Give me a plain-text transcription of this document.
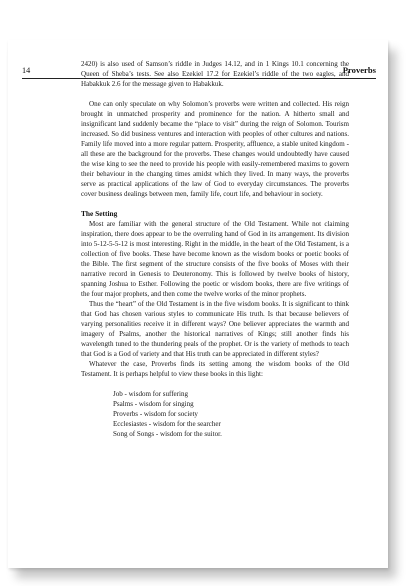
14	Proverbs

2420) is also used of Samson’s riddle in Judges 14.12, and in 1 Kings 10.1 concerning the Queen of Sheba’s tests. See also Ezekiel 17.2 for Ezekiel’s riddle of the two eagles, and Habakkuk 2.6 for the message given to Habakkuk.

One can only speculate on why Solomon’s proverbs were written and collected. His reign brought in unmatched prosperity and prominence for the nation. A hitherto small and insignificant land suddenly became the “place to visit” during the reign of Solomon. Tourism increased. So did business ventures and interaction with peoples of other cultures and nations. Family life moved into a more regular pattern. Prosperity, affluence, a stable united kingdom - all these are the background for the proverbs. These changes would undoubtedly have caused the wise king to see the need to provide his people with easily-remembered maxims to govern their behaviour in the changing times amidst which they lived. In many ways, the proverbs serve as practical applications of the law of God to everyday circumstances. The proverbs cover business dealings between men, family life, court life, and behaviour in society.

The Setting

Most are familiar with the general structure of the Old Testament. While not claiming inspiration, there does appear to be the overruling hand of God in its arrangement. Its division into 5-12-5-5-12 is most interesting. Right in the middle, in the heart of the Old Testament, is a collection of five books. These have become known as the wisdom books or poetic books of the Bible. The first segment of the structure consists of the five books of Moses with their narrative record in Genesis to Deuteronomy. This is followed by twelve books of history, spanning Joshua to Esther. Following the poetic or wisdom books, there are five writings of the four major prophets, and then come the twelve works of the minor prophets.

Thus the “heart” of the Old Testament is in the five wisdom books. It is significant to think that God has chosen various styles to communicate His truth. Is that because believers of varying personalities receive it in different ways? One believer appreciates the warmth and imagery of Psalms, another the historical narratives of Kings; still another finds his wavelength tuned to the thundering peals of the prophet. Or is the variety of methods to teach that God is a God of variety and that His truth can be appreciated in different styles?

Whatever the case, Proverbs finds its setting among the wisdom books of the Old Testament. It is perhaps helpful to view these books in this light:

Job - wisdom for suffering
Psalms - wisdom for singing
Proverbs - wisdom for society
Ecclesiastes - wisdom for the searcher
Song of Songs - wisdom for the suitor.
